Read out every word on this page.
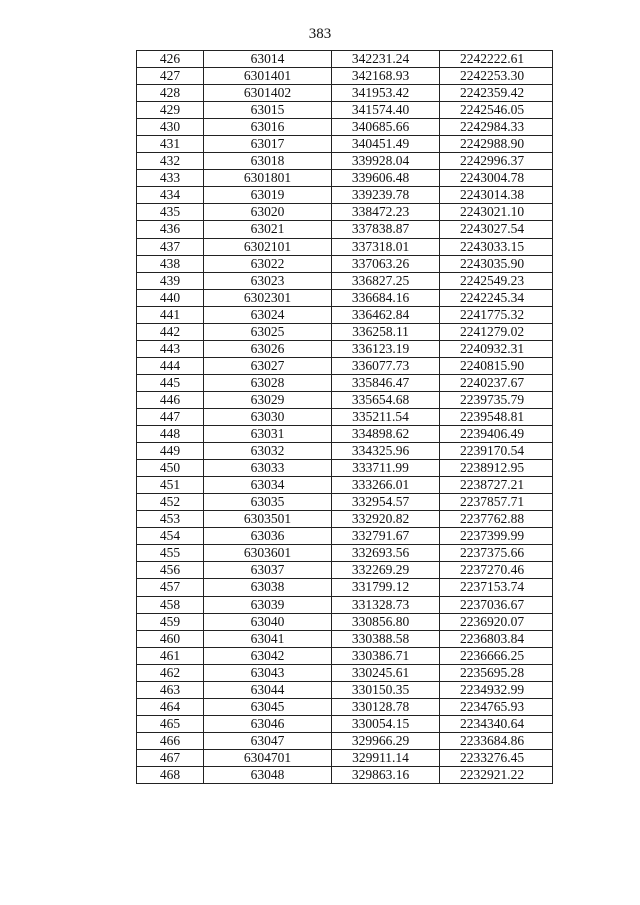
383
426	63014	342231.24	2242222.61
427	6301401	342168.93	2242253.30
428	6301402	341953.42	2242359.42
429	63015	341574.40	2242546.05
430	63016	340685.66	2242984.33
431	63017	340451.49	2242988.90
432	63018	339928.04	2242996.37
433	6301801	339606.48	2243004.78
434	63019	339239.78	2243014.38
435	63020	338472.23	2243021.10
436	63021	337838.87	2243027.54
437	6302101	337318.01	2243033.15
438	63022	337063.26	2243035.90
439	63023	336827.25	2242549.23
440	6302301	336684.16	2242245.34
441	63024	336462.84	2241775.32
442	63025	336258.11	2241279.02
443	63026	336123.19	2240932.31
444	63027	336077.73	2240815.90
445	63028	335846.47	2240237.67
446	63029	335654.68	2239735.79
447	63030	335211.54	2239548.81
448	63031	334898.62	2239406.49
449	63032	334325.96	2239170.54
450	63033	333711.99	2238912.95
451	63034	333266.01	2238727.21
452	63035	332954.57	2237857.71
453	6303501	332920.82	2237762.88
454	63036	332791.67	2237399.99
455	6303601	332693.56	2237375.66
456	63037	332269.29	2237270.46
457	63038	331799.12	2237153.74
458	63039	331328.73	2237036.67
459	63040	330856.80	2236920.07
460	63041	330388.58	2236803.84
461	63042	330386.71	2236666.25
462	63043	330245.61	2235695.28
463	63044	330150.35	2234932.99
464	63045	330128.78	2234765.93
465	63046	330054.15	2234340.64
466	63047	329966.29	2233684.86
467	6304701	329911.14	2233276.45
468	63048	329863.16	2232921.22
